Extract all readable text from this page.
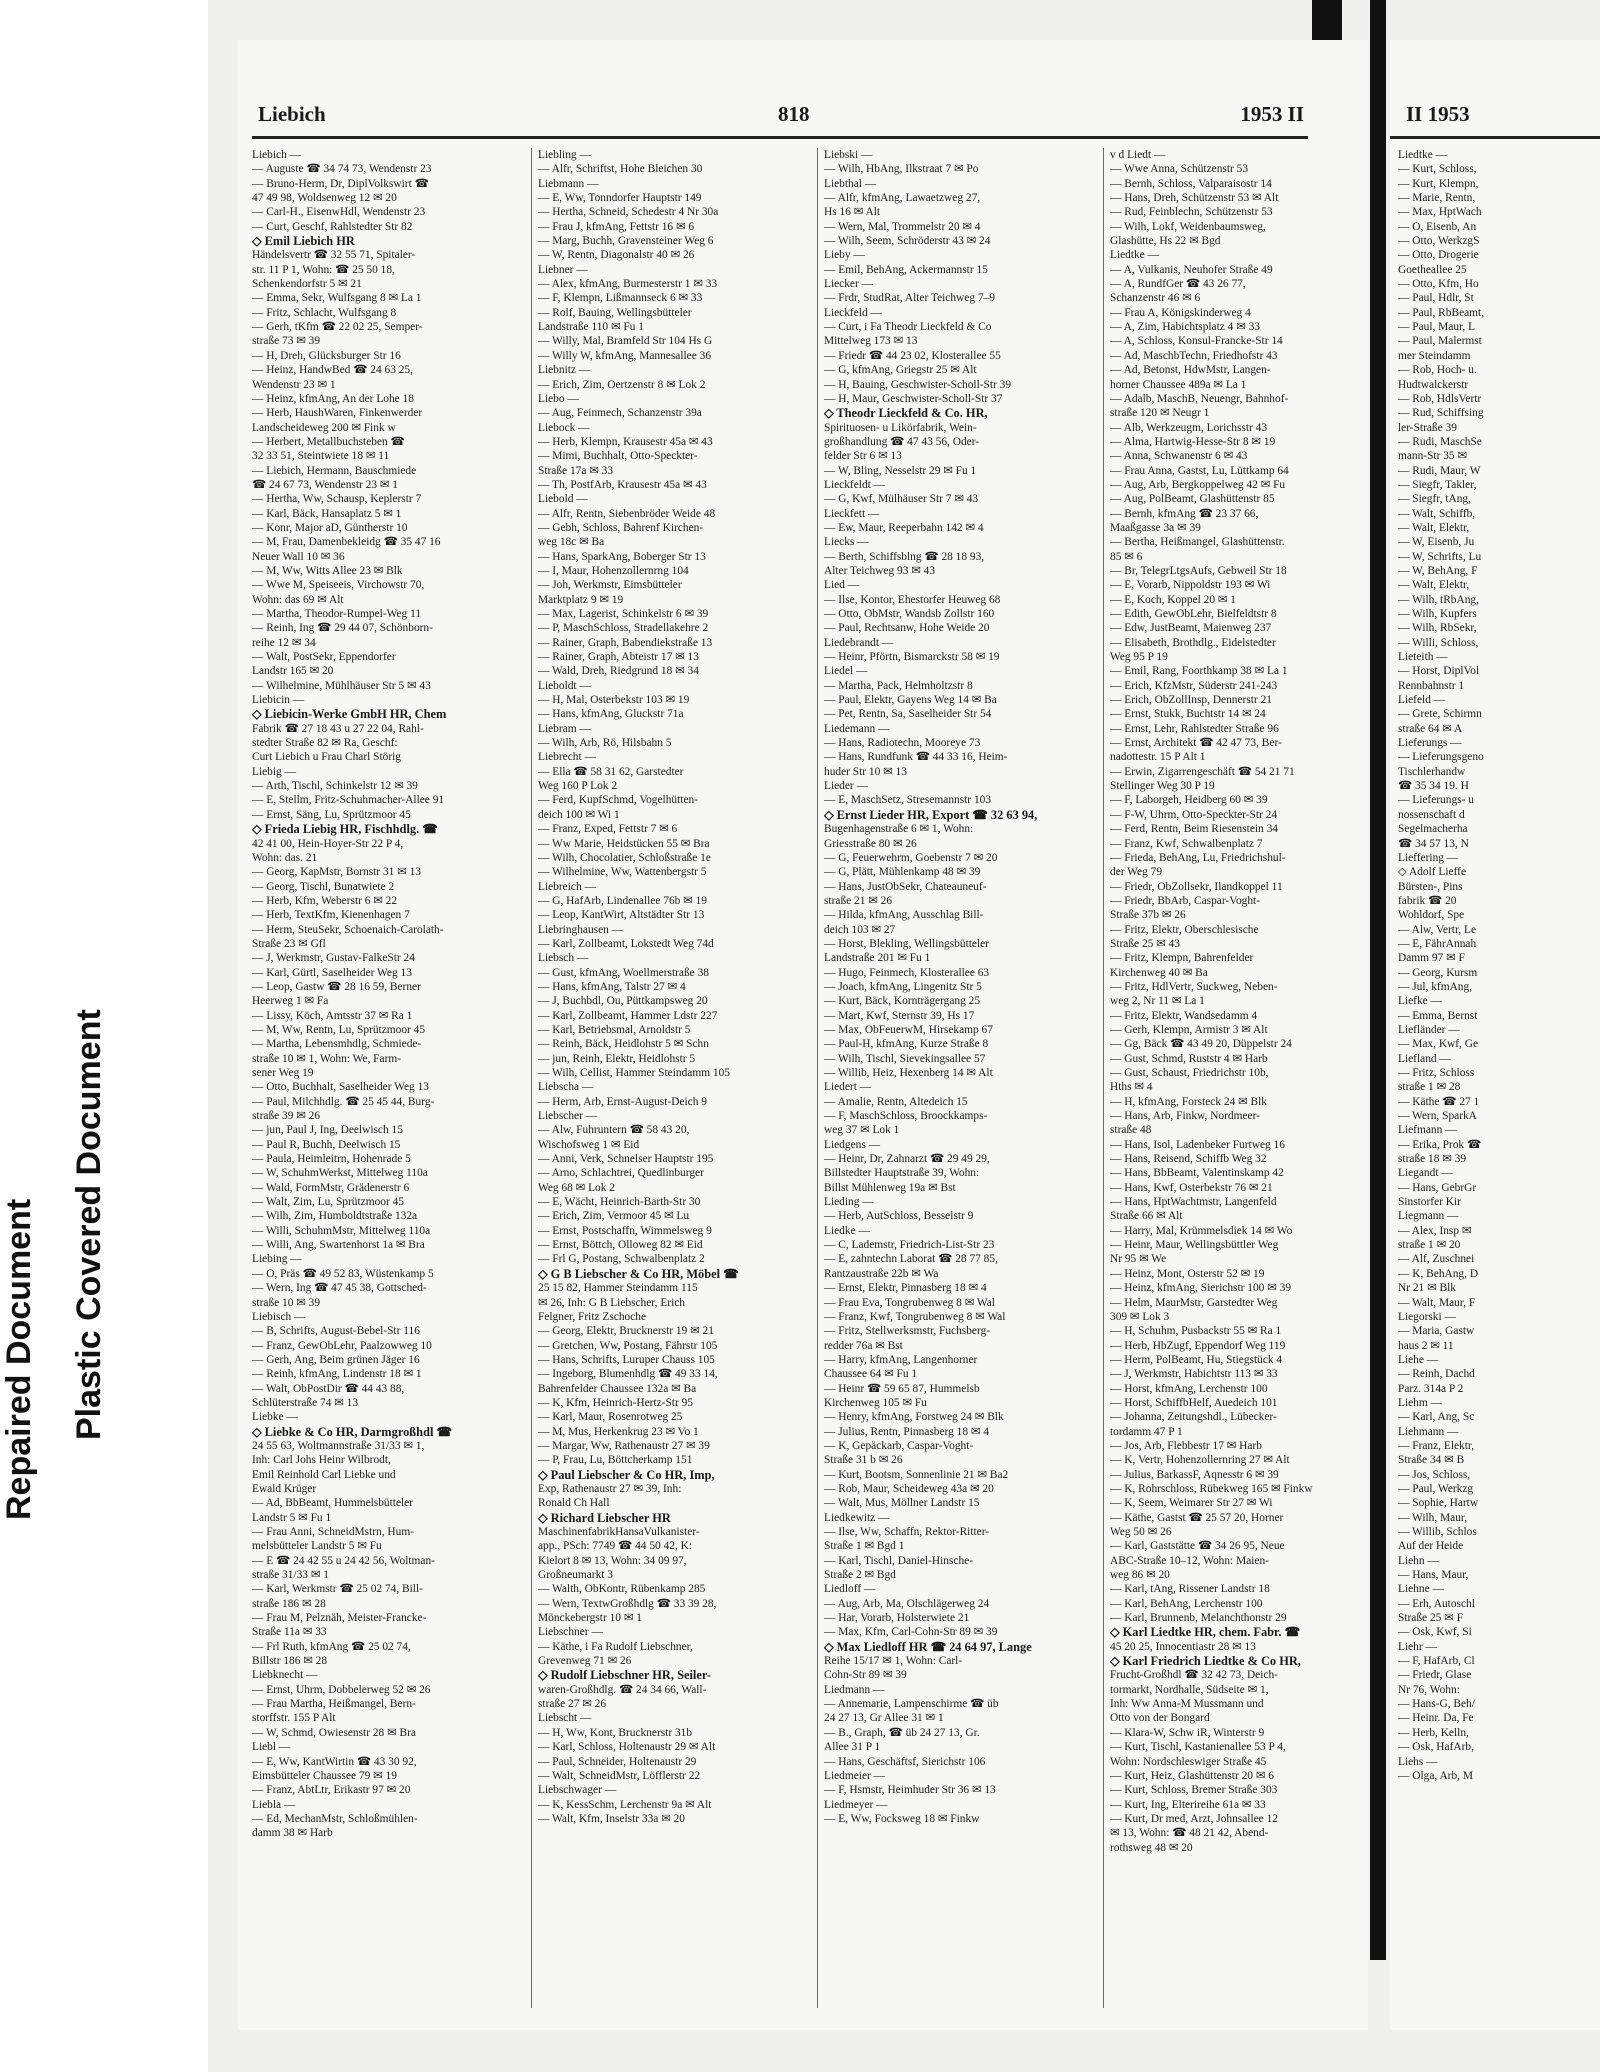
Repaired Document Plastic Covered Document
Liebich	818	1953 II
Liebich —
— Auguste ☎ 34 74 73, Wendenstr 23
— Bruno-Herm, Dr, DiplVolkswirt ☎
47 49 98, Woldsenweg 12 ✉ 20
— Carl-H., EisenwHdl, Wendenstr 23
— Curt, Geschf, Rahlstedter Str 82
◇ Emil Liebich HR
Händelsvertr ☎ 32 55 71, Spitaler-
str. 11 P 1, Wohn: ☎ 25 50 18,
Schenkendorfstr 5 ✉ 21
— Emma, Sekr, Wulfsgang 8 ✉ La 1
— Fritz, Schlacht, Wulfsgang 8
— Gerh, tKfm ☎ 22 02 25, Semper-
straße 73 ✉ 39
— H, Dreh, Glücksburger Str 16
— Heinz, HandwBed ☎ 24 63 25,
Wendenstr 23 ✉ 1
— Heinz, kfmAng, An der Lohe 18
— Herb, HaushWaren, Finkenwerder
Landscheideweg 200 ✉ Fink w
— Herbert, Metallbuchsteben ☎
32 33 51, Steintwiete 18 ✉ 11
— Liebich, Hermann, Bauschmiede
☎ 24 67 73, Wendenstr 23 ✉ 1
— Hertha, Ww, Schausp, Keplerstr 7
— Karl, Bäck, Hansaplatz 5 ✉ 1
— Konr, Major aD, Güntherstr 10
— M, Frau, Damenbekleidg ☎ 35 47 16
Neuer Wall 10 ✉ 36
— M, Ww, Witts Allee 23 ✉ Blk
— Wwe M, Speiseeis, Virchowstr 70,
Wohn: das 69 ✉ Alt
— Martha, Theodor-Rumpel-Weg 11
— Reinh, Ing ☎ 29 44 07, Schönborn-
reihe 12 ✉ 34
— Walt, PostSekr, Eppendorfer
Landstr 165 ✉ 20
— Wilhelmine, Mühlhäuser Str 5 ✉ 43
Liebicin —
◇ Liebicin-Werke GmbH HR, Chem
Fabrik ☎ 27 18 43 u 27 22 04, Rahl-
stedter Straße 82 ✉ Ra, Geschf:
Curt Liebich u Frau Charl Störig
Liebig —
— Arth, Tischl, Schinkelstr 12 ✉ 39
— E, Stellm, Fritz-Schuhmacher-Allee 91
— Ernst, Säng, Lu, Sprützmoor 45
◇ Frieda Liebig HR, Fischhdlg. ☎
42 41 00, Hein-Hoyer-Str 22 P 4,
Wohn: das. 21
— Georg, KapMstr, Bornstr 31 ✉ 13
— Georg, Tischl, Bunatwiete 2
— Herb, Kfm, Weberstr 6 ✉ 22
— Herb, TextKfm, Kienenhagen 7
— Herm, SteuSekr, Schoenaich-Carolath-
Straße 23 ✉ Gfl
— J, Werkmstr, Gustav-FalkeStr 24
— Karl, Gürtl, Saselheider Weg 13
— Leop, Gastw ☎ 28 16 59, Berner
Heerweg 1 ✉ Fa
— Lissy, Köch, Amtsstr 37 ✉ Ra 1
— M, Ww, Rentn, Lu, Sprützmoor 45
— Martha, Lebensmhdlg, Schmiede-
straße 10 ✉ 1, Wohn: We, Farm-
sener Weg 19
— Otto, Buchhalt, Saselheider Weg 13
— Paul, Milchhdlg. ☎ 25 45 44, Burg-
straße 39 ✉ 26
— jun, Paul J, Ing, Deelwisch 15
— Paul R, Buchh, Deelwisch 15
— Paula, Heimleitrn, Hohenrade 5
— W, SchuhmWerkst, Mittelweg 110a
— Wald, FormMstr, Grädenerstr 6
— Walt, Zim, Lu, Sprützmoor 45
— Wilh, Zim, Humboldtstraße 132a
— Willi, SchuhmMstr, Mittelweg 110a
— Willi, Ang, Swartenhorst 1a ✉ Bra
Liebing —
— O, Präs ☎ 49 52 83, Wüstenkamp 5
— Wern, Ing ☎ 47 45 38, Gottsched-
straße 10 ✉ 39
Liebisch —
— B, Schrifts, August-Bebel-Str 116
— Franz, GewObLehr, Paalzowweg 10
— Gerh, Ang, Beim grünen Jäger 16
— Reinh, kfmAng, Lindenstr 18 ✉ 1
— Walt, ObPostDir ☎ 44 43 88,
Schlüterstraße 74 ✉ 13
Liebke —
◇ Liebke & Co HR, Darmgroßhdl ☎
24 55 63, Woltmannstraße 31/33 ✉ 1,
Inh: Carl Johs Heinr Wilbrodt,
Emil Reinhold Carl Liebke und
Ewald Krüger
— Ad, BbBeamt, Hummelsbütteler
Landstr 5 ✉ Fu 1
— Frau Anni, SchneidMstrn, Hum-
melsbütteler Landstr 5 ✉ Fu
— E ☎ 24 42 55 u 24 42 56, Woltman-
straße 31/33 ✉ 1
— Karl, Werkmstr ☎ 25 02 74, Bill-
straße 186 ✉ 28
— Frau M, Pelznäh, Meister-Francke-
Straße 11a ✉ 33
— Frl Ruth, kfmAng ☎ 25 02 74,
Billstr 186 ✉ 28
Liebknecht —
— Ernst, Uhrm, Dobbelerweg 52 ✉ 26
— Frau Martha, Heißmangel, Bern-
storffstr. 155 P Alt
— W, Schmd, Owiesenstr 28 ✉ Bra
Liebl —
— E, Ww, KantWirtin ☎ 43 30 92,
Eimsbütteler Chaussee 79 ✉ 19
— Franz, AbtLtr, Erikastr 97 ✉ 20
Liebla —
— Ed, MechanMstr, Schloßmühlen-
damm 38 ✉ Harb
Liebling —
— Alfr, Schriftst, Hohe Bleichen 30
Liebmann —
— E, Ww, Tonndorfer Hauptstr 149
— Hertha, Schneid, Schedestr 4 Nr 30a
— Frau J, kfmAng, Fettstr 16 ✉ 6
— Marg, Buchh, Gravensteiner Weg 6
— W, Rentn, Diagonalstr 40 ✉ 26
Liebner —
— Alex, kfmAng, Burmesterstr 1 ✉ 33
— F, Klempn, Lißmannseck 6 ✉ 33
— Rolf, Bauing, Wellingsbütteler
Landstraße 110 ✉ Fu 1
— Willy, Mal, Bramfeld Str 104 Hs G
— Willy W, kfmAng, Mannesallee 36
Liebnitz —
— Erich, Zim, Oertzenstr 8 ✉ Lok 2
Liebo —
— Aug, Feinmech, Schanzenstr 39a
Liebock —
— Herb, Klempn, Krausestr 45a ✉ 43
— Mimi, Buchhalt, Otto-Speckter-
Straße 17a ✉ 33
— Th, PostfArb, Krausestr 45a ✉ 43
Liebold —
— Alfr, Rentn, Siebenbröder Weide 48
— Gebh, Schloss, Bahrenf Kirchen-
weg 18c ✉ Ba
— Hans, SparkAng, Boberger Str 13
— I, Maur, Hohenzollernrng 104
— Joh, Werkmstr, Eimsbütteler
Marktplatz 9 ✉ 19
— Max, Lagerist, Schinkelstr 6 ✉ 39
— P, MaschSchloss, Stradellakehre 2
— Rainer, Graph, Babendiekstraße 13
— Rainer, Graph, Abteistr 17 ✉ 13
— Wald, Dreh, Riedgrund 18 ✉ 34
Lieboldt —
— H, Mal, Osterbekstr 103 ✉ 19
— Hans, kfmAng, Gluckstr 71a
Liebram —
— Wilh, Arb, Rö, Hilsbahn 5
Liebrecht —
— Ella ☎ 58 31 62, Garstedter
Weg 160 P Lok 2
— Ferd, KupfSchmd, Vogelhütten-
deich 100 ✉ Wi 1
— Franz, Exped, Fettstr 7 ✉ 6
— Ww Marie, Heidstücken 55 ✉ Bra
— Wilh, Chocolatier, Schloßstraße 1e
— Wilhelmine, Ww, Wattenbergstr 5
Liebreich —
— G, HafArb, Lindenallee 76b ✉ 19
— Leop, KantWirt, Altstädter Str 13
Liebringhausen —
— Karl, Zollbeamt, Lokstedt Weg 74d
Liebsch —
— Gust, kfmAng, Woellmerstraße 38
— Hans, kfmAng, Talstr 27 ✉ 4
— J, Buchbdl, Ou, Püttkampsweg 20
— Karl, Zollbeamt, Hammer Ldstr 227
— Karl, Betriebsmal, Arnoldstr 5
— Reinh, Bäck, Heidlohstr 5 ✉ Schn
— jun, Reinh, Elektr, Heidlohstr 5
— Wilh, Cellist, Hammer Steindamm 105
Liebscha —
— Herm, Arb, Ernst-August-Deich 9
Liebscher —
— Alw, Fuhruntern ☎ 58 43 20,
Wischofsweg 1 ✉ Eid
— Anni, Verk, Schnelser Hauptstr 195
— Arno, Schlachtrei, Quedlinburger
Weg 68 ✉ Lok 2
— E, Wächt, Heinrich-Barth-Str 30
— Erich, Zim, Vermoor 45 ✉ Lu
— Ernst, Postschaffn, Wimmelsweg 9
— Ernst, Böttch, Olloweg 82 ✉ Eid
— Frl G, Postang, Schwalbenplatz 2
◇ G B Liebscher & Co HR, Möbel ☎
25 15 82, Hammer Steindamm 115
✉ 26, Inh: G B Liebscher, Erich
Felgner, Fritz Zschoche
— Georg, Elektr, Brucknerstr 19 ✉ 21
— Gretchen, Ww, Postang, Fährstr 105
— Hans, Schrifts, Luruper Chauss 105
— Ingeborg, Blumenhdlg ☎ 49 33 14,
Bahrenfelder Chaussee 132a ✉ Ba
— K, Kfm, Heinrich-Hertz-Str 95
— Karl, Maur, Rosenrotweg 25
— M, Mus, Herkenkrug 23 ✉ Vo 1
— Margar, Ww, Rathenaustr 27 ✉ 39
— P, Frau, Lu, Böttcherkamp 151
◇ Paul Liebscher & Co HR, Imp,
Exp, Rathenaustr 27 ✉ 39, Inh:
Ronald Ch Hall
◇ Richard Liebscher HR
MaschinenfabrikHansaVulkanister-
app., PSch: 7749 ☎ 44 50 42, K:
Kielort 8 ✉ 13, Wohn: 34 09 97,
Großneumarkt 3
— Walth, ObKontr, Rübenkamp 285
— Wern, TextwGroßhdlg ☎ 33 39 28,
Mönckebergstr 10 ✉ 1
Liebschner —
— Käthe, i Fa Rudolf Liebschner,
Grevenweg 71 ✉ 26
◇ Rudolf Liebschner HR, Seiler-
waren-Großhdlg. ☎ 24 34 66, Wall-
straße 27 ✉ 26
Liebscht —
— H, Ww, Kont, Brucknerstr 31b
— Karl, Schloss, Holtenaustr 29 ✉ Alt
— Paul, Schneider, Holtenaustr 29
— Walt, SchneidMstr, Löfflerstr 22
Liebschwager —
— K, KessSchm, Lerchenstr 9a ✉ Alt
— Walt, Kfm, Inselstr 33a ✉ 20
Liebski —
— Wilh, HbAng, Ilkstraat 7 ✉ Po
Liebthal —
— Alfr, kfmAng, Lawaetzweg 27,
Hs 16 ✉ Alt
— Wern, Mal, Trommelstr 20 ✉ 4
— Wilh, Seem, Schröderstr 43 ✉ 24
Lieby —
— Emil, BehAng, Ackermannstr 15
Liecker —
— Frdr, StudRat, Alter Teichweg 7–9
Lieckfeld —
— Curt, i Fa Theodr Lieckfeld & Co
Mittelweg 173 ✉ 13
— Friedr ☎ 44 23 02, Klosterallee 55
— G, kfmAng, Griegstr 25 ✉ Alt
— H, Bauing, Geschwister-Scholl-Str 39
— H, Maur, Geschwister-Scholl-Str 37
◇ Theodr Lieckfeld & Co. HR,
Spirituosen- u Likörfabrik, Wein-
großhandlung ☎ 47 43 56, Oder-
felder Str 6 ✉ 13
— W, Bling, Nesselstr 29 ✉ Fu 1
Lieckfeldt —
— G, Kwf, Mülhäuser Str 7 ✉ 43
Lieckfett —
— Ew, Maur, Reeperbahn 142 ✉ 4
Liecks —
— Berth, Schiffsblng ☎ 28 18 93,
Alter Teichweg 93 ✉ 43
Lied —
— Ilse, Kontor, Ehestorfer Heuweg 68
— Otto, ObMstr, Wandsb Zollstr 160
— Paul, Rechtsanw, Hohe Weide 20
Liedebrandt —
— Heinr, Pförtn, Bismarckstr 58 ✉ 19
Liedel —
— Martha, Pack, Helmholtzstr 8
— Paul, Elektr, Gayens Weg 14 ✉ Ba
— Pet, Rentn, Sa, Saselheider Str 54
Liedemann —
— Hans, Radiotechn, Mooreye 73
— Hans, Rundfunk ☎ 44 33 16, Heim-
huder Str 10 ✉ 13
Lieder —
— E, MaschSetz, Stresemannstr 103
◇ Ernst Lieder HR, Export ☎ 32 63 94,
Bugenhagenstraße 6 ✉ 1, Wohn:
Griesstraße 80 ✉ 26
— G, Feuerwehrm, Goebenstr 7 ✉ 20
— G, Plätt, Mühlenkamp 48 ✉ 39
— Hans, JustObSekr, Chateauneuf-
straße 21 ✉ 26
— Hilda, kfmAng, Ausschlag Bill-
deich 103 ✉ 27
— Horst, Blekling, Wellingsbütteler
Landstraße 201 ✉ Fu 1
— Hugo, Feinmech, Klosterallee 63
— Joach, kfmAng, Lingenitz Str 5
— Kurt, Bäck, Kornträgergang 25
— Mart, Kwf, Sternstr 39, Hs 17
— Max, ObFeuerwM, Hirsekamp 67
— Paul-H, kfmAng, Kurze Straße 8
— Wilh, Tischl, Sievekingsallee 57
— Willib, Heiz, Hexenberg 14 ✉ Alt
Liedert —
— Amalie, Rentn, Altedeich 15
— F, MaschSchloss, Broockkamps-
weg 37 ✉ Lok 1
Liedgens —
— Heinr, Dr, Zahnarzt ☎ 29 49 29,
Billstedter Hauptstraße 39, Wohn:
Billst Mühlenweg 19a ✉ Bst
Lieding —
— Herb, AutSchloss, Besselstr 9
Liedke —
— C, Lademstr, Friedrich-List-Str 23
— E, zahntechn Laborat ☎ 28 77 85,
Rantzaustraße 22b ✉ Wa
— Ernst, Elektr, Pinnasberg 18 ✉ 4
— Frau Eva, Tongrubenweg 8 ✉ Wal
— Franz, Kwf, Tongrubenweg 8 ✉ Wal
— Fritz, Stellwerksmstr, Fuchsberg-
redder 76a ✉ Bst
— Harry, kfmAng, Langenhorner
Chaussee 64 ✉ Fu 1
— Heinr ☎ 59 65 87, Hummelsb
Kirchenweg 105 ✉ Fu
— Henry, kfmAng, Forstweg 24 ✉ Blk
— Julius, Rentn, Pinnasberg 18 ✉ 4
— K, Gepäckarb, Caspar-Voght-
Straße 31 b ✉ 26
— Kurt, Bootsm, Sonnenlinie 21 ✉ Ba2
— Rob, Maur, Scheideweg 43a ✉ 20
— Walt, Mus, Möllner Landstr 15
Liedkewitz —
— Ilse, Ww, Schaffn, Rektor-Ritter-
Straße 1 ✉ Bgd 1
— Karl, Tischl, Daniel-Hinsche-
Straße 2 ✉ Bgd
Liedloff —
— Aug, Arb, Ma, Olschlägerweg 24
— Har, Vorarb, Holsterwiete 21
— Max, Kfm, Carl-Cohn-Str 89 ✉ 39
◇ Max Liedloff HR ☎ 24 64 97, Lange
Reihe 15/17 ✉ 1, Wohn: Carl-
Cohn-Str 89 ✉ 39
Liedmann —
— Annemarie, Lampenschirme ☎ üb
24 27 13, Gr Allee 31 ✉ 1
— B., Graph, ☎ üb 24 27 13, Gr.
Allee 31 P 1
— Hans, Geschäftsf, Sierichstr 106
Liedmeier —
— F, Hsmstr, Heimhuder Str 36 ✉ 13
Liedmeyer —
— E, Ww, Focksweg 18 ✉ Finkw
v d Liedt —
— Wwe Anna, Schützenstr 53
— Bernh, Schloss, Valparaisostr 14
— Hans, Dreh, Schützenstr 53 ✉ Alt
— Rud, Feinblechn, Schützenstr 53
— Wilh, Lokf, Weidenbaumsweg,
Glashütte, Hs 22 ✉ Bgd
Liedtke —
— A, Vulkanis, Neuhofer Straße 49
— A, RundfGer ☎ 43 26 77,
Schanzenstr 46 ✉ 6
— Frau A, Königskinderweg 4
— A, Zim, Habichtsplatz 4 ✉ 33
— A, Schloss, Konsul-Francke-Str 14
— Ad, MaschbTechn, Friedhofstr 43
— Ad, Betonst, HdwMstr, Langen-
horner Chaussee 489a ✉ La 1
— Adalb, MaschB, Neuengr, Bahnhof-
straße 120 ✉ Neugr 1
— Alb, Werkzeugm, Lorichsstr 43
— Alma, Hartwig-Hesse-Str 8 ✉ 19
— Anna, Schwanenstr 6 ✉ 43
— Frau Anna, Gastst, Lu, Lüttkamp 64
— Aug, Arb, Bergkoppelweg 42 ✉ Fu
— Aug, PolBeamt, Glashüttenstr 85
— Bernh, kfmAng ☎ 23 37 66,
Maaßgasse 3a ✉ 39
— Bertha, Heißmangel, Glashüttenstr.
85 ✉ 6
— Br, TelegrLtgsAufs, Gebweil Str 18
— E, Vorarb, Nippoldstr 193 ✉ Wi
— E, Koch, Koppel 20 ✉ 1
— Edith, GewObLehr, Bielfeldtstr 8
— Edw, JustBeamt, Maienweg 237
— Elisabeth, Brothdlg., Eidelstedter
Weg 95 P 19
— Emil, Rang, Foorthkamp 38 ✉ La 1
— Erich, KfzMstr, Süderstr 241-243
— Erich, ObZollInsp, Dennerstr 21
— Ernst, Stukk, Buchtstr 14 ✉ 24
— Ernst, Lehr, Rahlstedter Straße 96
— Ernst, Architekt ☎ 42 47 73, Ber-
nadottestr. 15 P Alt 1
— Erwin, Zigarrengeschäft ☎ 54 21 71
Stellinger Weg 30 P 19
— F, Laborgeh, Heidberg 60 ✉ 39
— F-W, Uhrm, Otto-Speckter-Str 24
— Ferd, Rentn, Beim Riesenstein 34
— Franz, Kwf, Schwalbenplatz 7
— Frieda, BehAng, Lu, Friedrichshul-
der Weg 79
— Friedr, ObZollsekr, Ilandkoppel 11
— Friedr, BbArb, Caspar-Voght-
Straße 37b ✉ 26
— Fritz, Elektr, Oberschlesische
Straße 25 ✉ 43
— Fritz, Klempn, Bahrenfelder
Kirchenweg 40 ✉ Ba
— Fritz, HdlVertr, Suckweg, Neben-
weg 2, Nr 11 ✉ La 1
— Fritz, Elektr, Wandsedamm 4
— Gerh, Klempn, Armistr 3 ✉ Alt
— Gg, Bäck ☎ 43 49 20, Düppelstr 24
— Gust, Schmd, Ruststr 4 ✉ Harb
— Gust, Schaust, Friedrichstr 10b,
Hths ✉ 4
— H, kfmAng, Forsteck 24 ✉ Blk
— Hans, Arb, Finkw, Nordmeer-
straße 48
— Hans, Isol, Ladenbeker Furtweg 16
— Hans, Reisend, Schiffb Weg 32
— Hans, BbBeamt, Valentinskamp 42
— Hans, Kwf, Osterbekstr 76 ✉ 21
— Hans, HptWachtmstr, Langenfeld
Straße 66 ✉ Alt
— Harry, Mal, Krümmelsdiek 14 ✉ Wo
— Heinr, Maur, Wellingsbüttler Weg
Nr 95 ✉ We
— Heinz, Mont, Osterstr 52 ✉ 19
— Heinz, kfmAng, Sierichstr 100 ✉ 39
— Helm, MaurMstr, Garstedter Weg
309 ✉ Lok 3
— H, Schuhm, Pusbackstr 55 ✉ Ra 1
— Herb, HbZugf, Eppendorf Weg 119
— Herm, PolBeamt, Hu, Stiegstück 4
— J, Werkmstr, Habichtstr 113 ✉ 33
— Horst, kfmAng, Lerchenstr 100
— Horst, SchiffbHelf, Auedeich 101
— Johanna, Zeitungshdl., Lübecker-
tordamm 47 P 1
— Jos, Arb, Flebbestr 17 ✉ Harb
— K, Vertr, Hohenzollernring 27 ✉ Alt
— Julius, BarkassF, Aqnesstr 6 ✉ 39
— K, Rohrschloss, Rübekweg 165 ✉ Finkw
— K, Seem, Weimarer Str 27 ✉ Wi
— Käthe, Gastst ☎ 25 57 20, Horner
Weg 50 ✉ 26
— Karl, Gaststätte ☎ 34 26 95, Neue
ABC-Straße 10–12, Wohn: Maien-
weg 86 ✉ 20
— Karl, tAng, Rissener Landstr 18
— Karl, BehAng, Lerchenstr 100
— Karl, Brunnenb, Melanchthonstr 29
◇ Karl Liedtke HR, chem. Fabr. ☎
45 20 25, Innocentiastr 28 ✉ 13
◇ Karl Friedrich Liedtke & Co HR,
Frucht-Großhdl ☎ 32 42 73, Deich-
tormarkt, Nordhalle, Südseite ✉ 1,
Inh: Ww Anna-M Mussmann und
Otto von der Bongard
— Klara-W, Schw iR, Winterstr 9
— Kurt, Tischl, Kastanienallee 53 P 4,
Wohn: Nordschleswiger Straße 45
— Kurt, Heiz, Glashüttenstr 20 ✉ 6
— Kurt, Schloss, Bremer Straße 303
— Kurt, Ing, Elterireihe 61a ✉ 33
— Kurt, Dr med, Arzt, Johnsallee 12
✉ 13, Wohn: ☎ 48 21 42, Abend-
rothsweg 48 ✉ 20
II 1953
Liedtke —
— Kurt, Schloss,
— Kurt, Klempn,
— Marie, Rentn,
— Max, HptWach
— O, Eisenb, An
— Otto, WerkzgS
— Otto, Drogerie
Goetheallee 25
— Otto, Kfm, Ho
— Paul, Hdlr, St
— Paul, RbBeamt,
— Paul, Maur, L
— Paul, Malermst
mer Steindamm
— Rob, Hoch- u.
Hudtwalckerstr
— Rob, HdlsVertr
— Rud, Schiffsing
ler-Straße 39
— Rudi, MaschSe
mann-Str 35 ✉
— Rudi, Maur, W
— Siegfr, Takler,
— Siegfr, tAng,
— Walt, Schiffb,
— Walt, Elektr,
— W, Eisenb, Ju
— W, Schrifts, Lu
— W, BehAng, F
— Walt, Elektr,
— Wilh, tRbAng,
— Wilh, Kupfers
— Wilh, RbSekr,
— Willi, Schloss,
Lieteith —
— Horst, DiplVol
Rennbahnstr 1
Liefeld —
— Grete, Schirmn
straße 64 ✉ A
Lieferungs —
— Lieferungsgeno
Tischlerhandw
☎ 35 34 19. H
— Lieferungs- u
nossenschaft d
Segelmacherha
☎ 34 57 13, N
Lieffering —
◇ Adolf Lieffe
Bürsten-, Pins
fabrik ☎ 20
Wohldorf, Spe
— Alw, Vertr, Le
— E, FährAnnah
Damm 97 ✉ F
— Georg, Kursm
— Jul, kfmAng,
Liefke —
— Emma, Bernst
Liefländer —
— Max, Kwf, Ge
Liefland —
— Fritz, Schloss
straße 1 ✉ 28
— Käthe ☎ 27 1
— Wern, SparkA
Liefmann —
— Erika, Prok ☎
straße 18 ✉ 39
Liegandt —
— Hans, GebrGr
Sinstorfer Kir
Liegmann —
— Alex, Insp ✉
straße 1 ✉ 20
— Alf, Zuschnei
— K, BehAng, D
Nr 21 ✉ Blk
— Walt, Maur, F
Liegorski —
— Maria, Gastw
haus 2 ✉ 11
Liehe —
— Reinh, Dachd
Parz. 314a P 2
Liehm —
— Karl, Ang, Sc
Liehmann —
— Franz, Elektr,
Straße 34 ✉ B
— Jos, Schloss,
— Paul, Werkzg
— Sophie, Hartw
— Wilh, Maur,
— Willib, Schlos
Auf der Heide
Liehn —
— Hans, Maur,
Liehne —
— Erh, Autoschl
Straße 25 ✉ F
— Osk, Kwf, Si
Liehr —
— F, HafArb, Cl
— Friedr, Glase
Nr 76, Wohn:
— Hans-G, Beh/
— Heinr. Da, Fe
— Herb, Kelln,
— Osk, HafArb,
Liehs —
— Olga, Arb, M
